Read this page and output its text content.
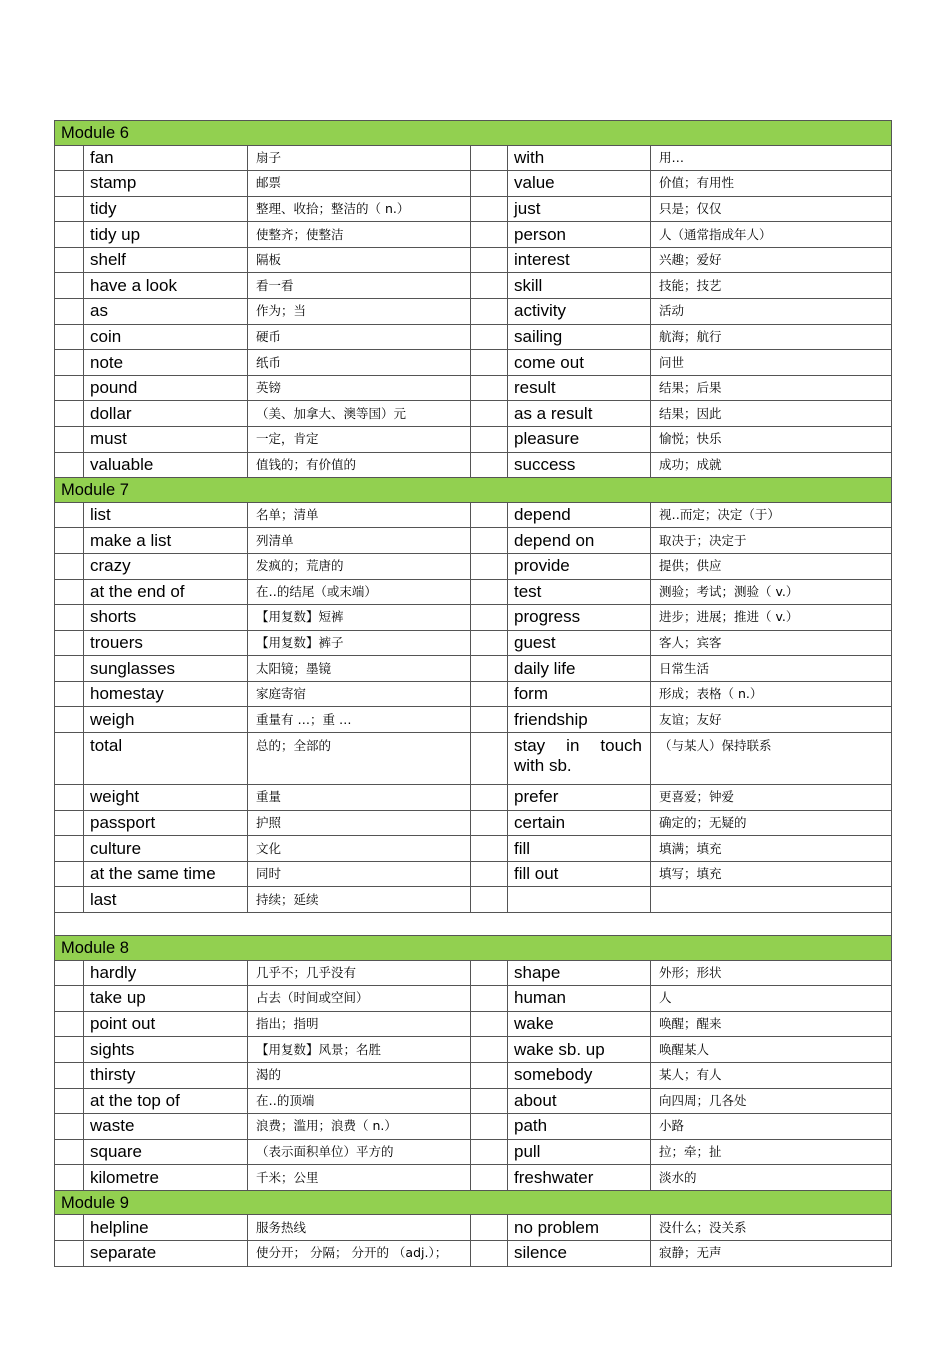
Module 6					
	fan	扇子		with	用…
	stamp	邮票		value	价值；有用性
	tidy	整理、收拾；整洁的（ n.）		just	只是；仅仅
	tidy up	使整齐；使整洁		person	人（通常指成年人）
	shelf	隔板		interest	兴趣；爱好
	have a look	看一看		skill	技能；技艺
	as	作为；当		activity	活动
	coin	硬币		sailing	航海；航行
	note	纸币		come out	问世
	pound	英镑		result	结果；后果
	dollar	（美、加拿大、澳等国）元		as a result	结果；因此
	must	一定，肯定		pleasure	愉悦；快乐
	valuable	值钱的；有价值的		success	成功；成就
Module 7					
	list	名单；清单		depend	视‥而定；决定（于）
	make a list	列清单		depend on	取决于；决定于
	crazy	发疯的；荒唐的		provide	提供；供应
	at the end of	在‥的结尾（或末端）		test	测验；考试；测验（ v.）
	shorts	【用复数】短裤		progress	进步；进展；推进（ v.）
	trouers	【用复数】裤子		guest	客人；宾客
	sunglasses	太阳镜；墨镜		daily life	日常生活
	homestay	家庭寄宿		form	形成；表格（ n.）
	weigh	重量有 …；重 …		friendship	友谊；友好
	total	总的；全部的		stay in touch with sb.	（与某人）保持联系
	weight	重量		prefer	更喜爱；钟爱
	passport	护照		certain	确定的；无疑的
	culture	文化		fill	填满；填充
	at the same time	同时		fill out	填写；填充
	last	持续；延续			

Module 8					
	hardly	几乎不；几乎没有		shape	外形；形状
	take up	占去（时间或空间）		human	人
	point out	指出；指明		wake	唤醒；醒来
	sights	【用复数】风景；名胜		wake sb. up	唤醒某人
	thirsty	渴的		somebody	某人；有人
	at the top of	在‥的顶端		about	向四周；几各处
	waste	浪费；滥用；浪费（ n.）		path	小路
	square	（表示面积单位）平方的		pull	拉；牵；扯
	kilometre	千米；公里		freshwater	淡水的
Module 9					
	helpline	服务热线		no problem	没什么；没关系
	separate	使分开； 分隔； 分开的 （adj.）；		silence	寂静；无声
